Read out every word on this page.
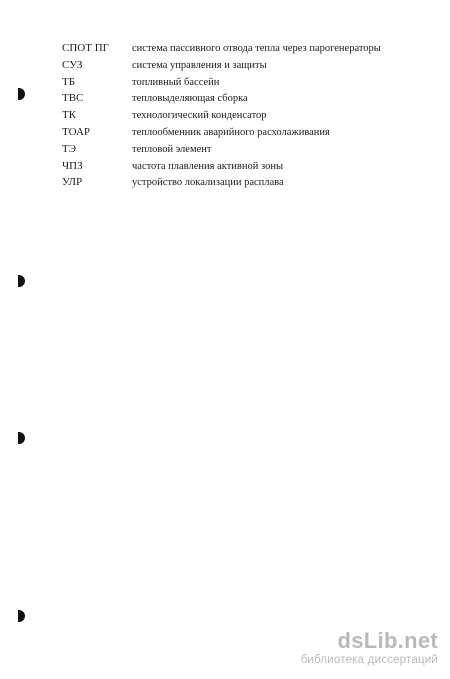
СПОТ ПГ	система пассивного отвода тепла через парогенераторы
СУЗ	система управления и защиты
ТБ	топливный бассейн
ТВС	тепловыделяющая сборка
ТК	технологический конденсатор
ТОАР	теплообменник аварийного расхолаживания
ТЭ	тепловой элемент
ЧПЗ	частота плавления активной зоны
УЛР	устройство локализации расплава
dsLib.net
библиотека диссертаций
